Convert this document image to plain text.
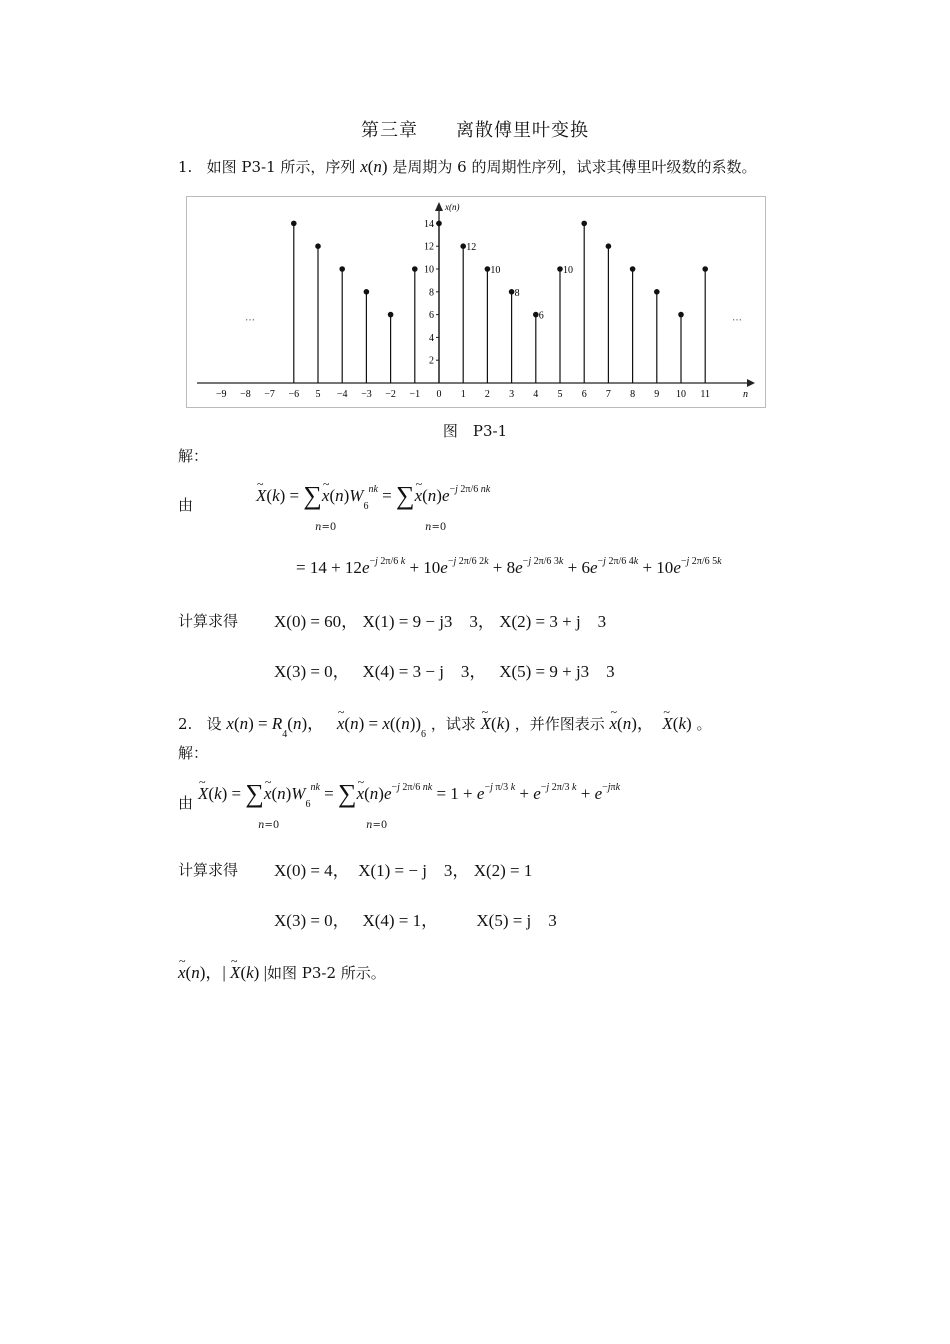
第三章　　离散傅里叶变换
1. 如图 P3-1 所示，序列 x(n) 是周期为 6 的周期性序列，试求其傅里叶级数的系数。
x(n)
n
−9 −8 −7 −6 5 −4 −3 −2 −1 0 1 2 3 4 5 6 7 8 9 10 11
2
4
6
8
10
12
14
12
10
8
6
10
…	…
图　P3-1
解：
由	~ X(k) = ∑~ $x(n)W_6^{nk}$ = ∑~ $x(n)e^{-j 2\pi/6 nk}$
n=0	n=0
= $14 + 12e^{-j 2\pi/6 k} + 10e^{-j 2\pi/6 2k} + 8e^{-j 2\pi/6 3k} + 6e^{-j 2\pi/6 4k} + 10e^{-j 2\pi/6 5k}$
计算求得 X(0) = 60， X(1) = 9 − j3　3， X(2) = 3 + j　3
X(3) = 0， X(4) = 3 − j　3， X(5) = 9 + j3　3
2. 设 $x(n) = R_4(n)$，   ~ $x(n) = x((n))_6$ ，试求 ~ X(k) ，并作图表示 ~ x(n)，  ~ X(k) 。
解：
由 ~ X(k) = ∑~ $x(n)W_6^{nk}$ = ∑~ $x(n)e^{-j 2\pi/6 nk} = 1 + e^{-j \pi/3 k} + e^{-j 2\pi/3 k} + e^{-j\pi k}$
n=0	n=0
计算求得 X(0) = 4， X(1) = − j　3， X(2) = 1
X(3) = 0， X(4) = 1， X(5) = j　3
~ x(n)，| ~ X(k) |如图 P3-2 所示。
